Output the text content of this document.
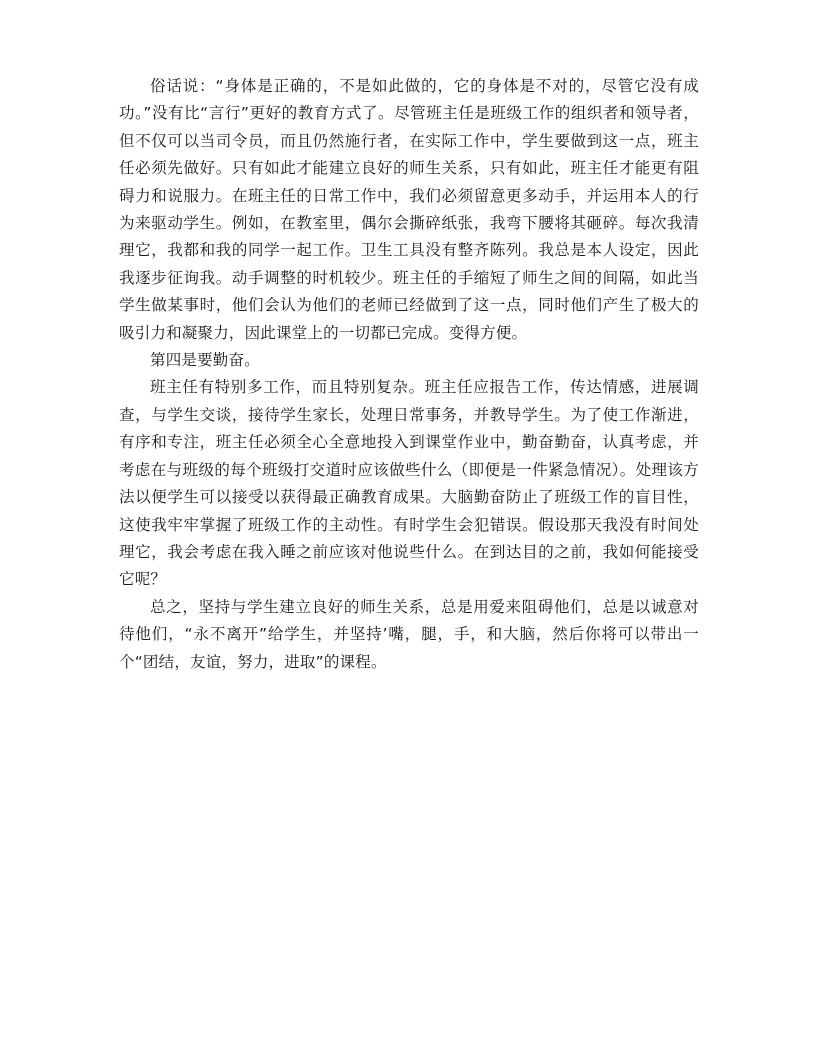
俗话说：“身体是正确的，不是如此做的，它的身体是不对的，尽管它没有成功。”没有比“言行”更好的教育方式了。尽管班主任是班级工作的组织者和领导者，但不仅可以当司令员，而且仍然施行者，在实际工作中，学生要做到这一点，班主任必须先做好。只有如此才能建立良好的师生关系，只有如此，班主任才能更有阻碍力和说服力。在班主任的日常工作中，我们必须留意更多动手，并运用本人的行为来驱动学生。例如，在教室里，偶尔会撕碎纸张，我弯下腰将其砸碎。每次我清理它，我都和我的同学一起工作。卫生工具没有整齐陈列。我总是本人设定，因此我逐步征询我。动手调整的时机较少。班主任的手缩短了师生之间的间隔，如此当学生做某事时，他们会认为他们的老师已经做到了这一点，同时他们产生了极大的吸引力和凝聚力，因此课堂上的一切都已完成。变得方便。

第四是要勤奋。

班主任有特别多工作，而且特别复杂。班主任应报告工作，传达情感，进展调查，与学生交谈，接待学生家长，处理日常事务，并教导学生。为了使工作渐进，有序和专注，班主任必须全心全意地投入到课堂作业中，勤奋勤奋，认真考虑，并考虑在与班级的每个班级打交道时应该做些什么（即便是一件紧急情况）。处理该方法以便学生可以接受以获得最正确教育成果。大脑勤奋防止了班级工作的盲目性，这使我牢牢掌握了班级工作的主动性。有时学生会犯错误。假设那天我没有时间处理它，我会考虑在我入睡之前应该对他说些什么。在到达目的之前，我如何能接受它呢？

总之，坚持与学生建立良好的师生关系，总是用爱来阻碍他们，总是以诚意对待他们，“永不离开”给学生，并坚持’嘴，腿，手，和大脑，然后你将可以带出一个“团结，友谊，努力，进取”的课程。
